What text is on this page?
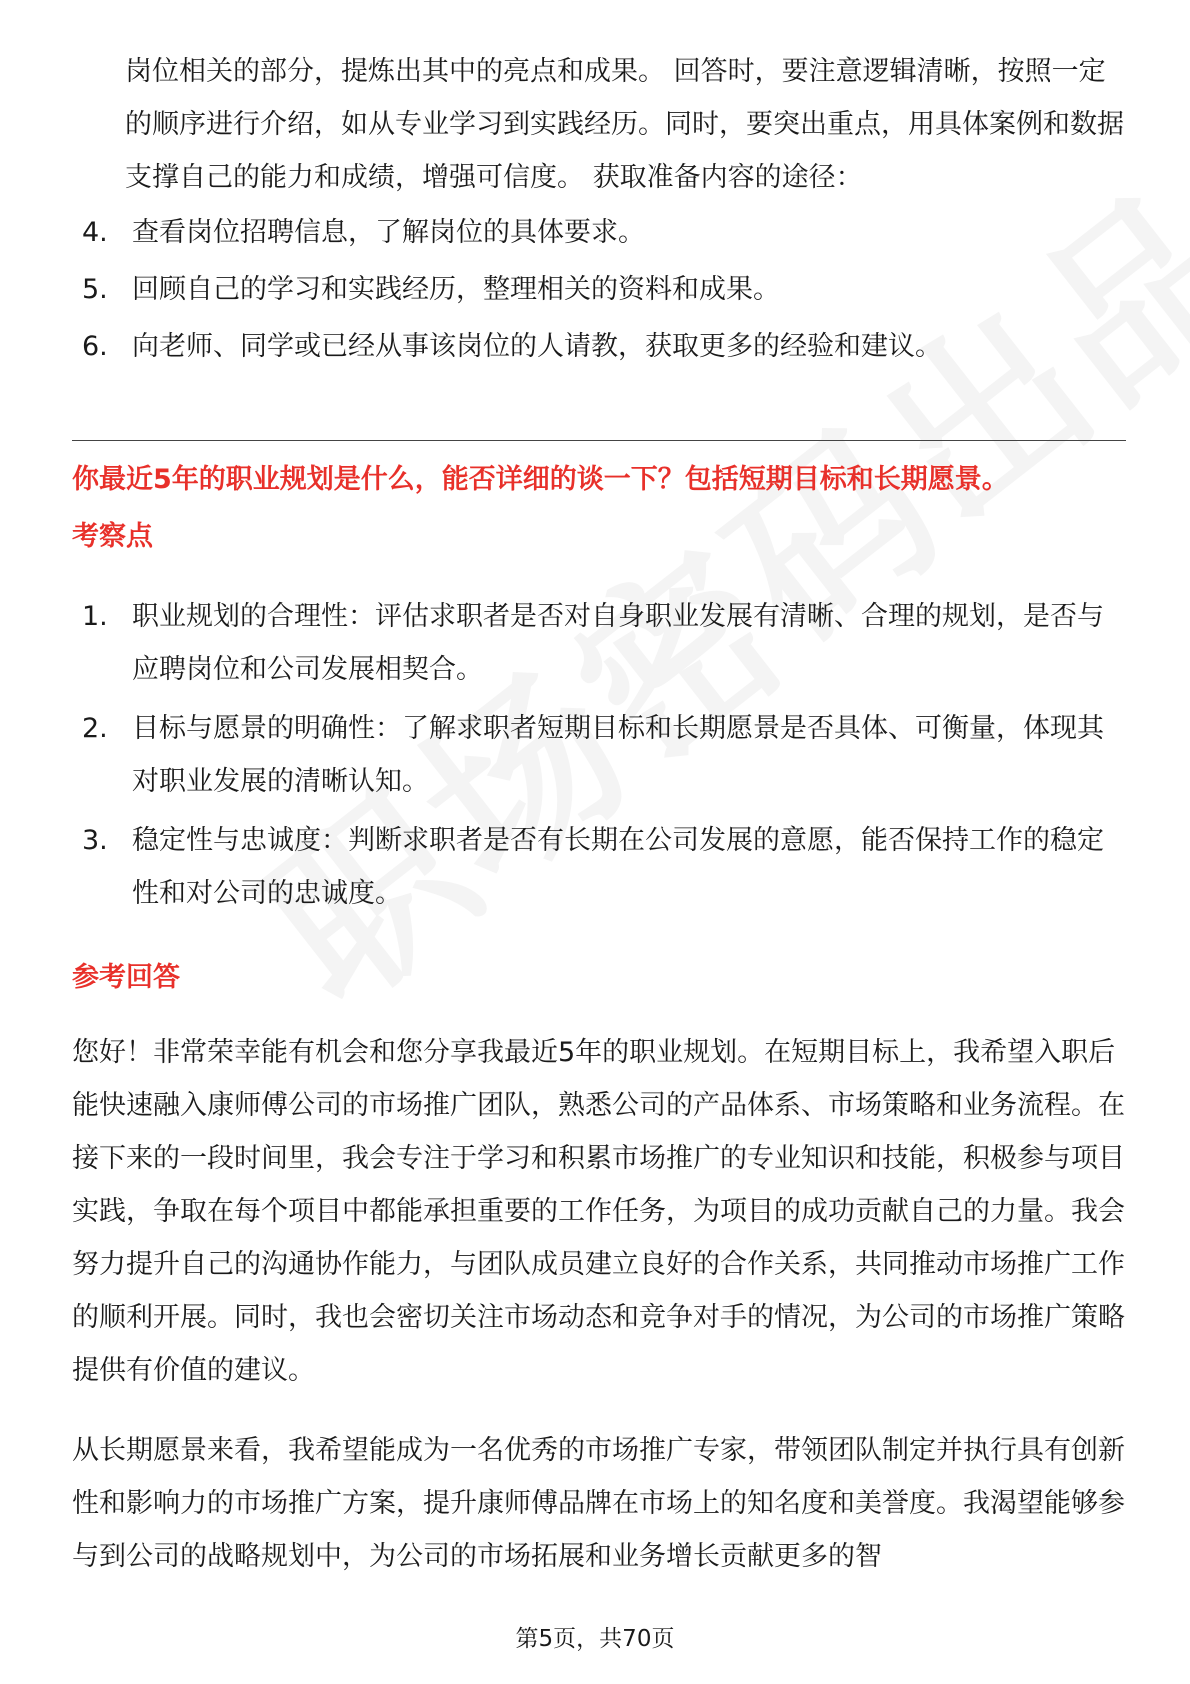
岗位相关的部分，提炼出其中的亮点和成果。 回答时，要注意逻辑清晰，按照一定的顺序进行介绍，如从专业学习到实践经历。同时，要突出重点，用具体案例和数据支撑自己的能力和成绩，增强可信度。 获取准备内容的途径：

4. 查看岗位招聘信息，了解岗位的具体要求。
5. 回顾自己的学习和实践经历，整理相关的资料和成果。
6. 向老师、同学或已经从事该岗位的人请教，获取更多的经验和建议。

你最近5年的职业规划是什么，能否详细的谈一下？包括短期目标和长期愿景。

考察点

1. 职业规划的合理性：评估求职者是否对自身职业发展有清晰、合理的规划，是否与应聘岗位和公司发展相契合。
2. 目标与愿景的明确性：了解求职者短期目标和长期愿景是否具体、可衡量，体现其对职业发展的清晰认知。
3. 稳定性与忠诚度：判断求职者是否有长期在公司发展的意愿，能否保持工作的稳定性和对公司的忠诚度。

参考回答

您好！非常荣幸能有机会和您分享我最近5年的职业规划。在短期目标上，我希望入职后能快速融入康师傅公司的市场推广团队，熟悉公司的产品体系、市场策略和业务流程。在接下来的一段时间里，我会专注于学习和积累市场推广的专业知识和技能，积极参与项目实践，争取在每个项目中都能承担重要的工作任务，为项目的成功贡献自己的力量。我会努力提升自己的沟通协作能力，与团队成员建立良好的合作关系，共同推动市场推广工作的顺利开展。同时，我也会密切关注市场动态和竞争对手的情况，为公司的市场推广策略提供有价值的建议。

从长期愿景来看，我希望能成为一名优秀的市场推广专家，带领团队制定并执行具有创新性和影响力的市场推广方案，提升康师傅品牌在市场上的知名度和美誉度。我渴望能够参与到公司的战略规划中，为公司的市场拓展和业务增长贡献更多的智

第5页，共70页
